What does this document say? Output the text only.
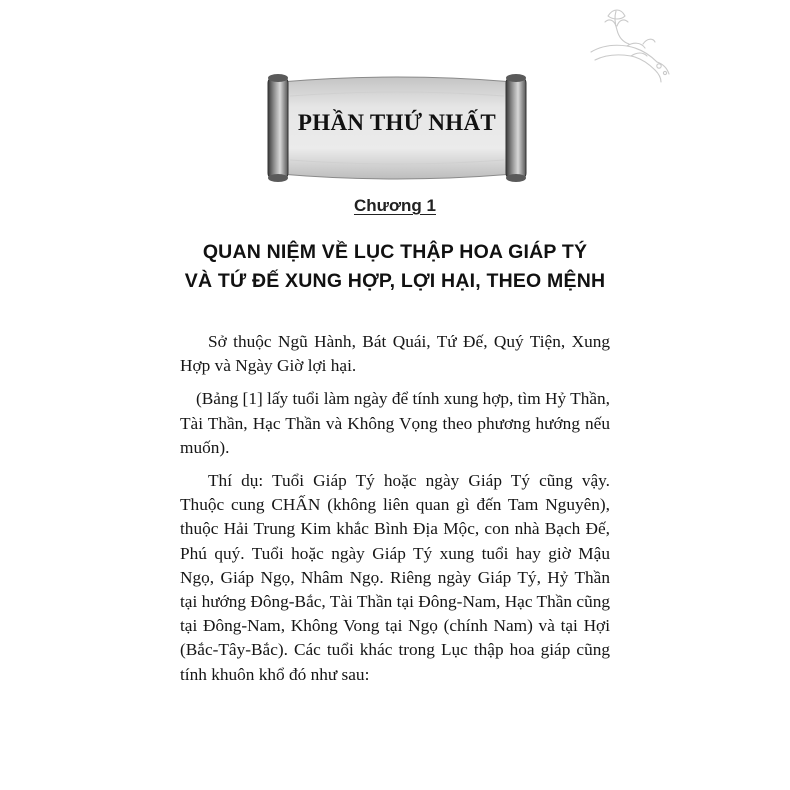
PHẦN THỨ NHẤT
Chương 1
QUAN NIỆM VỀ LỤC THẬP HOA GIÁP TÝ
VÀ TỨ ĐẾ XUNG HỢP, LỢI HẠI, THEO MỆNH

Sở thuộc Ngũ Hành, Bát Quái, Tứ Đế, Quý Tiện, Xung Hợp và Ngày Giờ lợi hại.

(Bảng [1] lấy tuổi làm ngày để tính xung hợp, tìm Hỷ Thần, Tài Thần, Hạc Thần và Không Vọng theo phương hướng nếu muốn).

Thí dụ: Tuổi Giáp Tý hoặc ngày Giáp Tý cũng vậy. Thuộc cung CHẤN (không liên quan gì đến Tam Nguyên), thuộc Hải Trung Kim khắc Bình Địa Mộc, con nhà Bạch Đế, Phú quý. Tuổi hoặc ngày Giáp Tý xung tuổi hay giờ Mậu Ngọ, Giáp Ngọ, Nhâm Ngọ. Riêng ngày Giáp Tý, Hỷ Thần tại hướng Đông-Bắc, Tài Thần tại Đông-Nam, Hạc Thần cũng tại Đông-Nam, Không Vong tại Ngọ (chính Nam) và tại Hợi (Bắc-Tây-Bắc). Các tuổi khác trong Lục thập hoa giáp cũng tính khuôn khổ đó như sau:
